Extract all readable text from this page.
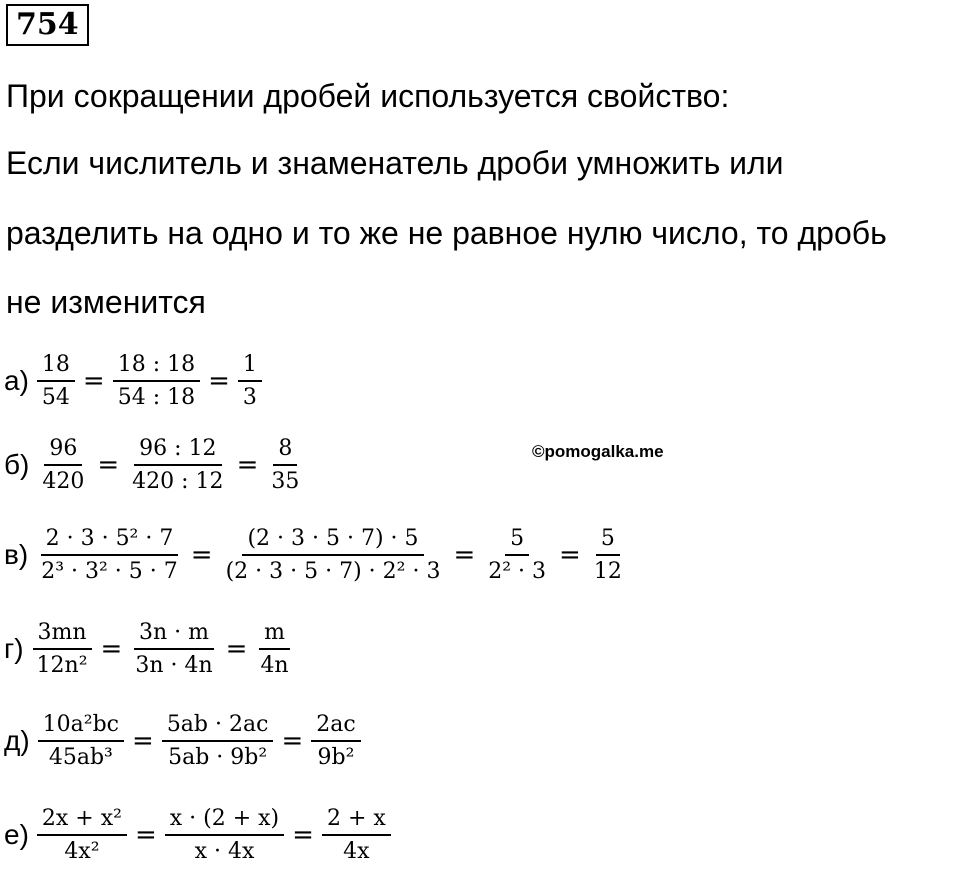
754
При сокращении дробей используется свойство:
Если числитель и знаменатель дроби умножить или
разделить на одно и то же не равное нулю число, то дробь
не изменится
©pomogalka.me
$а) \frac{18}{54} = \frac{18 : 18}{54 : 18} = \frac{1}{3}$
$б) \frac{96}{420} = \frac{96 : 12}{420 : 12} = \frac{8}{35}$
$в) \frac{\text{2 · 3 · 5² · 7}}{\text{2³ · 3² · 5 · 7}} = \frac{(2 \cdot 3 \cdot 5 \cdot 7) \cdot 5}{\text{(2 · 3 · 5 · 7) · 2² · 3}} = \frac{5}{\text{2² · 3}} = \frac{5}{12}$
$г) \frac{3mn}{\text{12n²}} = \frac{3n \cdot m}{3n \cdot 4n} = \frac{m}{4n}$
$д) \frac{\text{10a²bc}}{\text{45ab³}} = \frac{5ab \cdot 2ac}{\text{5ab · 9b²}} = \frac{2ac}{\text{9b²}}$
$е) \frac{\text{2x + x²}}{\text{4x²}} = \frac{x \cdot (2 + x)}{x \cdot 4x} = \frac{2 + x}{4x}$
